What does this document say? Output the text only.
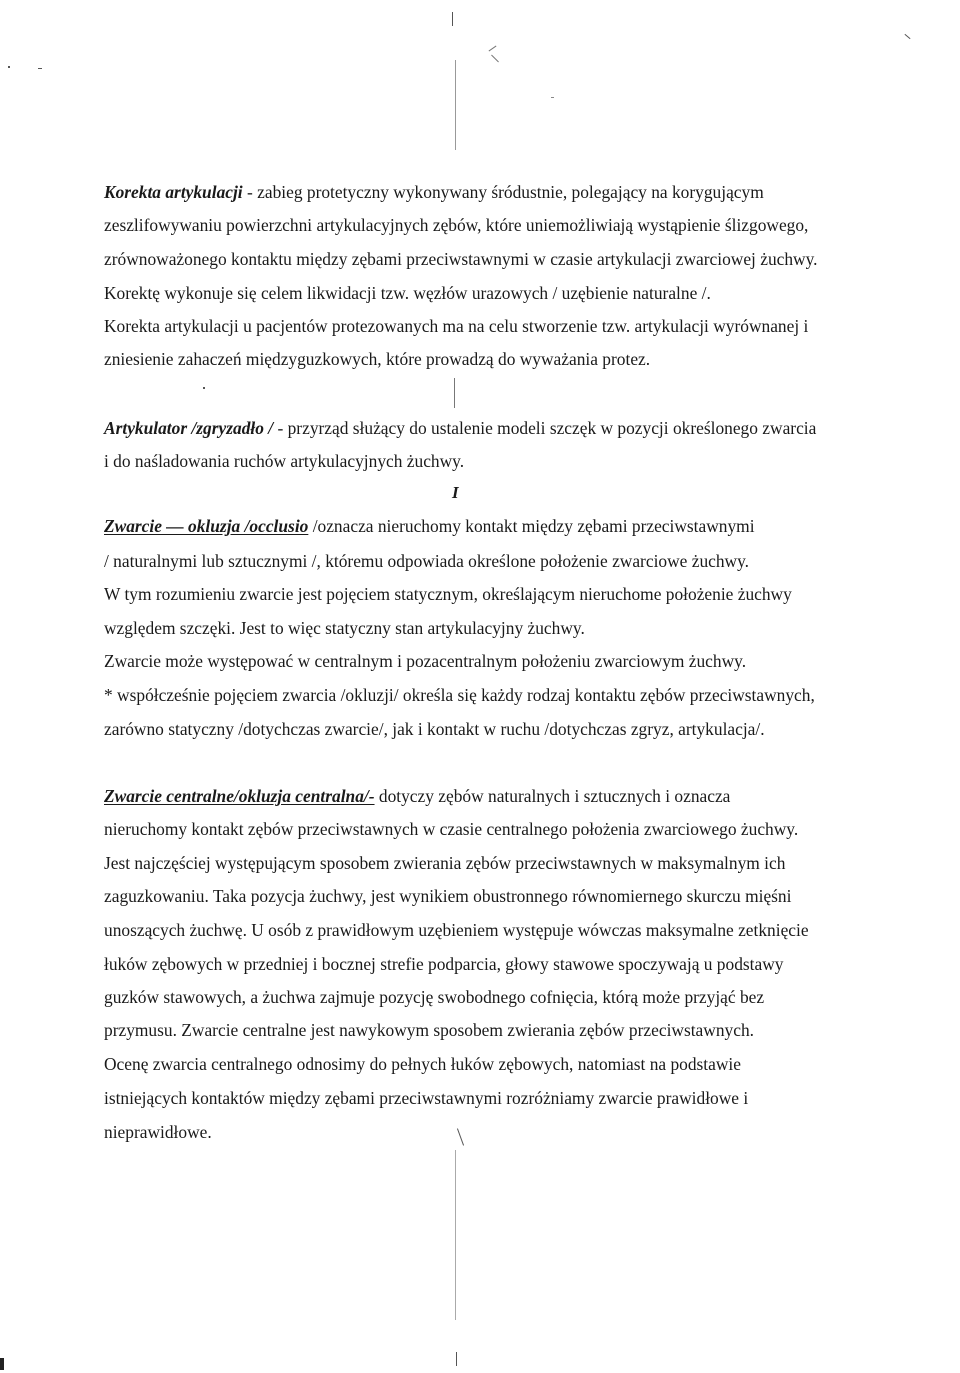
Korekta artykulacji - zabieg protetyczny wykonywany śródustnie, polegający na korygującym
zeszlifowywaniu powierzchni artykulacyjnych zębów, które uniemożliwiają wystąpienie ślizgowego,
zrównoważonego kontaktu między zębami przeciwstawnymi w czasie artykulacji zwarciowej żuchwy.
Korektę wykonuje się celem likwidacji tzw. węzłów urazowych / uzębienie naturalne /.
Korekta artykulacji u pacjentów protezowanych ma na celu stworzenie tzw. artykulacji wyrównanej i
zniesienie zahaczeń międzyguzkowych, które prowadzą do wyważania protez.
Artykulator /zgryzadło / - przyrząd służący do ustalenie modeli szczęk w pozycji określonego zwarcia
i do naśladowania ruchów artykulacyjnych żuchwy.
I
Zwarcie — okluzja /occlusio /oznacza nieruchomy kontakt między zębami przeciwstawnymi
/ naturalnymi lub sztucznymi /, któremu odpowiada określone położenie zwarciowe żuchwy.
W tym rozumieniu zwarcie jest pojęciem statycznym, określającym nieruchome położenie żuchwy
względem szczęki. Jest to więc statyczny stan artykulacyjny żuchwy.
Zwarcie może występować w centralnym i pozacentralnym położeniu zwarciowym żuchwy.
* współcześnie pojęciem zwarcia /okluzji/ określa się każdy rodzaj kontaktu zębów przeciwstawnych,
zarówno statyczny /dotychczas zwarcie/, jak i kontakt w ruchu /dotychczas zgryz, artykulacja/.
Zwarcie centralne/okluzja centralna/- dotyczy zębów naturalnych i sztucznych i oznacza
nieruchomy kontakt zębów przeciwstawnych w czasie centralnego położenia zwarciowego żuchwy.
Jest najczęściej występującym sposobem zwierania zębów przeciwstawnych w maksymalnym ich
zaguzkowaniu. Taka pozycja żuchwy, jest wynikiem obustronnego równomiernego skurczu mięśni
unoszących żuchwę. U osób z prawidłowym uzębieniem występuje wówczas maksymalne zetknięcie
łuków zębowych w przedniej i bocznej strefie podparcia, głowy stawowe spoczywają u podstawy
guzków stawowych, a żuchwa zajmuje pozycję swobodnego cofnięcia, którą może przyjąć bez
przymusu. Zwarcie centralne jest nawykowym sposobem zwierania zębów przeciwstawnych.
Ocenę zwarcia centralnego odnosimy do pełnych łuków zębowych, natomiast na podstawie
istniejących kontaktów między zębami przeciwstawnymi rozróżniamy zwarcie prawidłowe i
nieprawidłowe.
